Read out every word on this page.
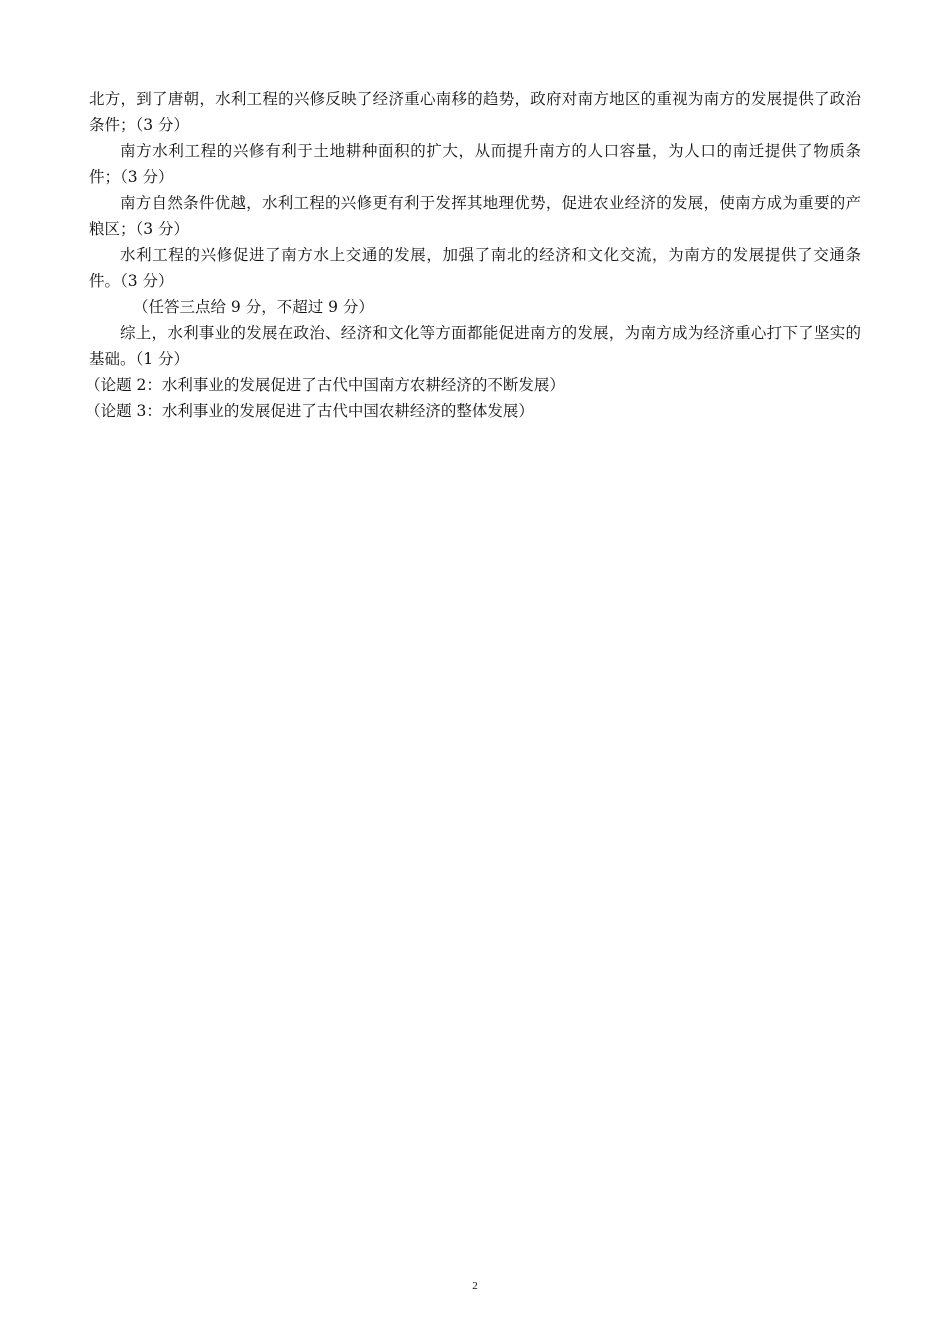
北方，到了唐朝，水利工程的兴修反映了经济重心南移的趋势，政府对南方地区的重视为南方的发展提供了政治条件；（3 分）

南方水利工程的兴修有利于土地耕种面积的扩大，从而提升南方的人口容量，为人口的南迁提供了物质条件；（3 分）

南方自然条件优越，水利工程的兴修更有利于发挥其地理优势，促进农业经济的发展，使南方成为重要的产粮区；（3 分）

水利工程的兴修促进了南方水上交通的发展，加强了南北的经济和文化交流，为南方的发展提供了交通条件。（3 分）

（任答三点给 9 分，不超过 9 分）

综上，水利事业的发展在政治、经济和文化等方面都能促进南方的发展，为南方成为经济重心打下了坚实的基础。（1 分）

（论题 2：水利事业的发展促进了古代中国南方农耕经济的不断发展）

（论题 3：水利事业的发展促进了古代中国农耕经济的整体发展）

2
